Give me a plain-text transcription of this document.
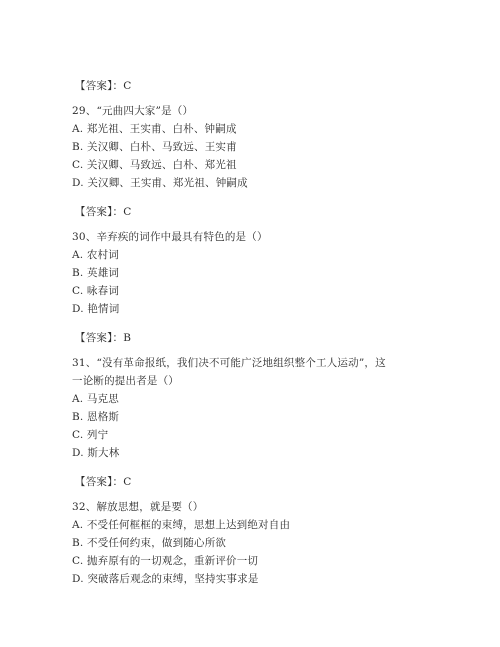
【答案】：C
29、“元曲四大家”是（）
A. 郑光祖、王实甫、白朴、钟嗣成
B. 关汉卿、白朴、马致远、王实甫
C. 关汉卿、马致远、白朴、郑光祖
D. 关汉卿、王实甫、郑光祖、钟嗣成
【答案】：C
30、辛弃疾的词作中最具有特色的是（）
A. 农村词
B. 英雄词
C. 咏春词
D. 艳情词
【答案】：B
31、“没有革命报纸，我们决不可能广泛地组织整个工人运动”，这
一论断的提出者是（）
A. 马克思
B. 恩格斯
C. 列宁
D. 斯大林
【答案】：C
32、解放思想，就是要（）
A. 不受任何框框的束缚，思想上达到绝对自由
B. 不受任何约束，做到随心所欲
C. 抛弃原有的一切观念，重新评价一切
D. 突破落后观念的束缚，坚持实事求是
